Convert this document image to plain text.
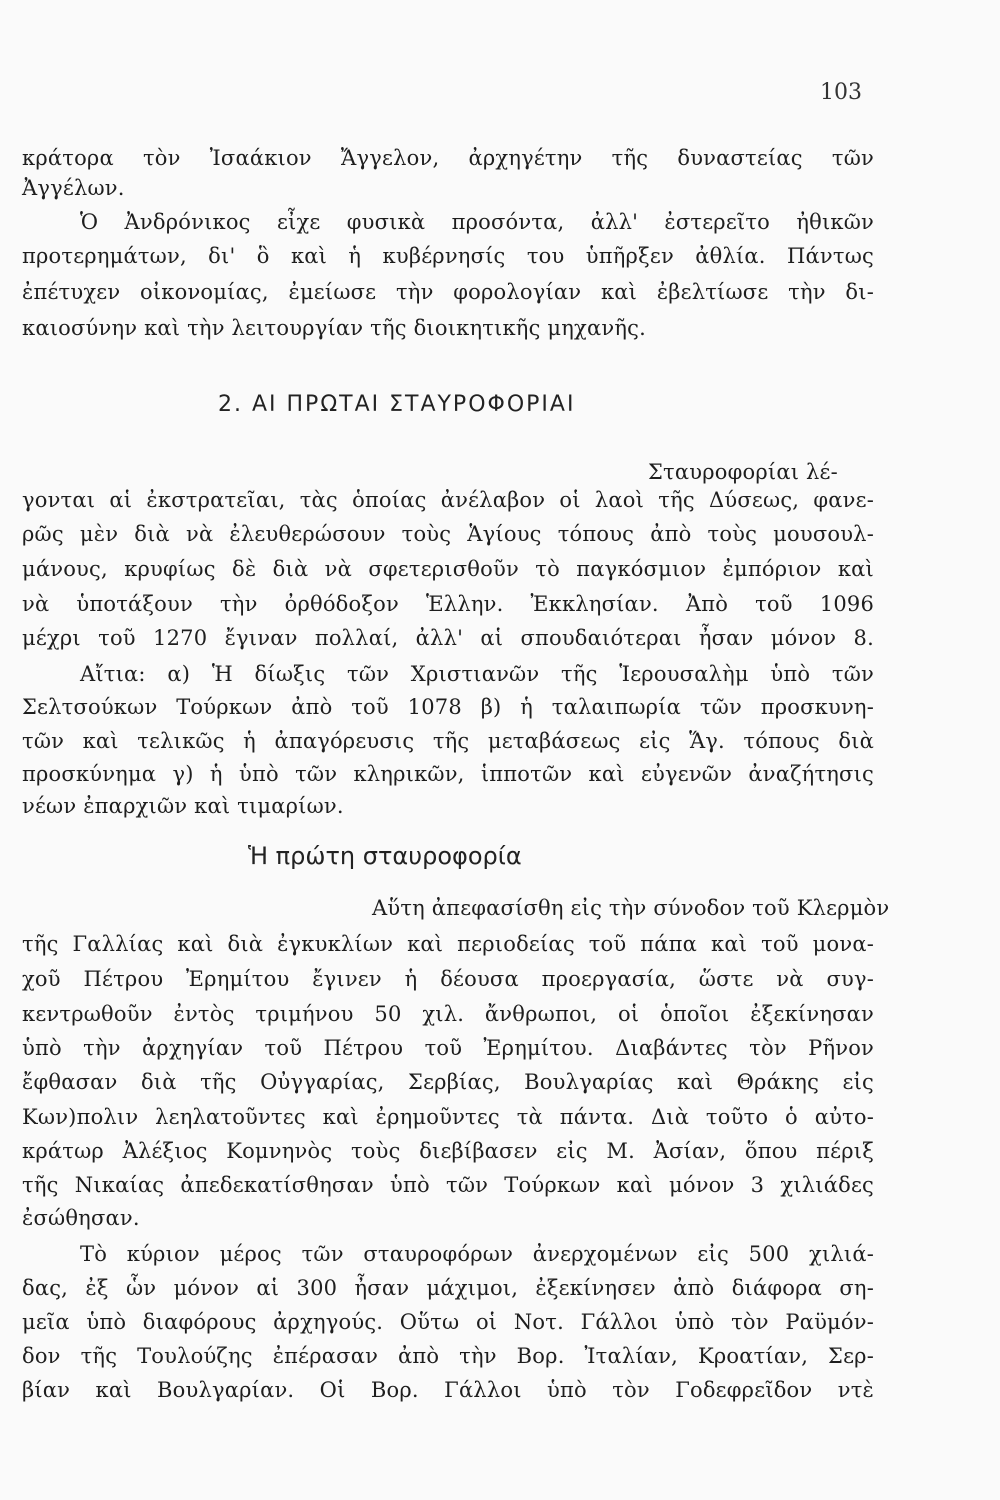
103
κράτορα τὸν Ἰσαάκιον Ἄγγελον, ἀρχηγέτην τῆς δυναστείας τῶν
Ἀγγέλων.
Ὁ Ἀνδρόνικος εἶχε φυσικὰ προσόντα, ἀλλ' ἐστερεῖτο ἠθικῶν
προτερημάτων, δι' ὃ καὶ ἡ κυβέρνησίς του ὑπῆρξεν ἀθλία. Πάντως
ἐπέτυχεν οἰκονομίας, ἐμείωσε τὴν φορολογίαν καὶ ἐβελτίωσε τὴν δι-
καιοσύνην καὶ τὴν λειτουργίαν τῆς διοικητικῆς μηχανῆς.
2. ΑΙ ΠΡΩΤΑΙ ΣΤΑΥΡΟΦΟΡΙΑΙ
Σταυροφορίαι λέ-
γονται αἱ ἐκστρατεῖαι, τὰς ὁποίας ἀνέλαβον οἱ λαοὶ τῆς Δύσεως, φανε-
ρῶς μὲν διὰ νὰ ἐλευθερώσουν τοὺς Ἁγίους τόπους ἀπὸ τοὺς μουσουλ-
μάνους, κρυφίως δὲ διὰ νὰ σφετερισθοῦν τὸ παγκόσμιον ἐμπόριον καὶ
νὰ ὑποτάξουν τὴν ὀρθόδοξον Ἑλλην. Ἐκκλησίαν. Ἀπὸ τοῦ 1096
μέχρι τοῦ 1270 ἔγιναν πολλαί, ἀλλ' αἱ σπουδαιότεραι ἦσαν μόνον 8.
Αἴτια: α) Ἡ δίωξις τῶν Χριστιανῶν τῆς Ἱερουσαλὴμ ὑπὸ τῶν
Σελτσούκων Τούρκων ἀπὸ τοῦ 1078 β) ἡ ταλαιπωρία τῶν προσκυνη-
τῶν καὶ τελικῶς ἡ ἀπαγόρευσις τῆς μεταβάσεως εἰς Ἅγ. τόπους διὰ
προσκύνημα γ) ἡ ὑπὸ τῶν κληρικῶν, ἱπποτῶν καὶ εὐγενῶν ἀναζήτησις
νέων ἐπαρχιῶν καὶ τιμαρίων.
Ἡ πρώτη σταυροφορία
Αὕτη ἀπεφασίσθη εἰς τὴν σύνοδον τοῦ Κλερμὸν
τῆς Γαλλίας καὶ διὰ ἐγκυκλίων καὶ περιοδείας τοῦ πάπα καὶ τοῦ μονα-
χοῦ Πέτρου Ἐρημίτου ἔγινεν ἡ δέουσα προεργασία, ὥστε νὰ συγ-
κεντρωθοῦν ἐντὸς τριμήνου 50 χιλ. ἄνθρωποι, οἱ ὁποῖοι ἐξεκίνησαν
ὑπὸ τὴν ἀρχηγίαν τοῦ Πέτρου τοῦ Ἐρημίτου. Διαβάντες τὸν Ρῆνον
ἔφθασαν διὰ τῆς Οὐγγαρίας, Σερβίας, Βουλγαρίας καὶ Θράκης εἰς
Κων)πολιν λεηλατοῦντες καὶ ἐρημοῦντες τὰ πάντα. Διὰ τοῦτο ὁ αὐτο-
κράτωρ Ἀλέξιος Κομνηνὸς τοὺς διεβίβασεν εἰς Μ. Ἀσίαν, ὅπου πέριξ
τῆς Νικαίας ἀπεδεκατίσθησαν ὑπὸ τῶν Τούρκων καὶ μόνον 3 χιλιάδες
ἐσώθησαν.
Τὸ κύριον μέρος τῶν σταυροφόρων ἀνερχομένων εἰς 500 χιλιά-
δας, ἐξ ὧν μόνον αἱ 300 ἦσαν μάχιμοι, ἐξεκίνησεν ἀπὸ διάφορα ση-
μεῖα ὑπὸ διαφόρους ἀρχηγούς. Οὕτω οἱ Νοτ. Γάλλοι ὑπὸ τὸν Ραϋμόν-
δον τῆς Τουλούζης ἐπέρασαν ἀπὸ τὴν Βορ. Ἰταλίαν, Κροατίαν, Σερ-
βίαν καὶ Βουλγαρίαν. Οἱ Βορ. Γάλλοι ὑπὸ τὸν Γοδεφρεῖδον ντὲ
